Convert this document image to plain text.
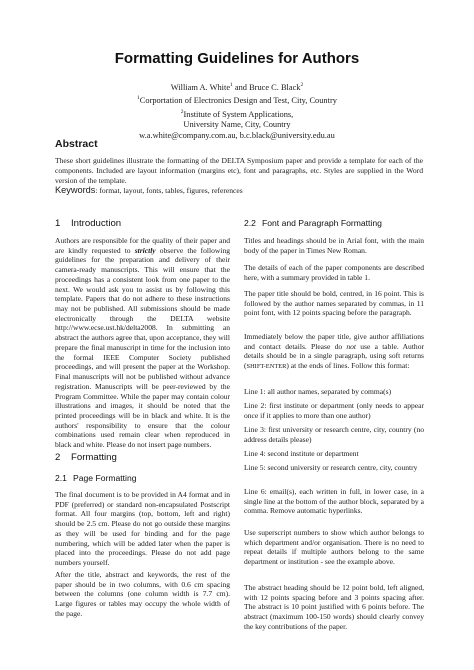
Formatting Guidelines for Authors
William A. White$^1$ and Bruce C. Black$^2$
$^1$Corportation of Electronics Design and Test, City, Country
$^2$Institute of System Applications,
University Name, City, Country
w.a.white@company.com.au, b.c.black@university.edu.au
Abstract
These short guidelines illustrate the formatting of the DELTA Symposium paper and provide a template for each of the components. Included are layout information (margins etc), font and paragraphs, etc. Styles are supplied in the Word version of the template.
Keywords: format, layout, fonts, tables, figures, references
1 Introduction
Authors are responsible for the quality of their paper and are kindly requested to strictly observe the following guidelines for the preparation and delivery of their camera-ready manuscripts. This will ensure that the proceedings has a consistent look from one paper to the next. We would ask you to assist us by following this template. Papers that do not adhere to these instructions may not be published. All submissions should be made electronically through the DELTA website http://www.ecse.ust.hk/delta2008. In submitting an abstract the authors agree that, upon acceptance, they will prepare the final manuscript in time for the inclusion into the formal IEEE Computer Society published proceedings, and will present the paper at the Workshop. Final manuscripts will not be published without advance registration. Manuscripts will be peer-reviewed by the Program Committee. While the paper may contain colour illustrations and images, it should be noted that the printed proceedings will be in black and white. It is the authors' responsibility to ensure that the colour combinations used remain clear when reproduced in black and white. Please do not insert page numbers.
2 Formatting
2.1 Page Formatting
The final document is to be provided in A4 format and in PDF (preferred) or standard non-encapsulated Postscript format. All four margins (top, bottom, left and right) should be 2.5 cm. Please do not go outside these margins as they will be used for binding and for the page numbering, which will be added later when the paper is placed into the proceedings. Please do not add page numbers yourself.
After the title, abstract and keywords, the rest of the paper should be in two columns, with 0.6 cm spacing between the columns (one column width is 7.7 cm). Large figures or tables may occupy the whole width of the page.
2.2 Font and Paragraph Formatting
Titles and headings should be in Arial font, with the main body of the paper in Times New Roman.
The details of each of the paper components are described here, with a summary provided in table 1.
The paper title should be bold, centred, in 16 point. This is followed by the author names separated by commas, in 11 point font, with 12 points spacing before the paragraph.
Immediately below the paper title, give author affiliations and contact details. Please do not use a table. Author details should be in a single paragraph, using soft returns (SHIFT-ENTER) at the ends of lines. Follow this format:
Line 1: all author names, separated by comma(s)
Line 2: first institute or department (only needs to appear once if it applies to more than one author)
Line 3: first university or research centre, city, country (no address details please)
Line 4: second institute or department
Line 5: second university or research centre, city, country
Line 6: email(s), each written in full, in lower case, in a single line at the bottom of the author block, separated by a comma. Remove automatic hyperlinks.
Use superscript numbers to show which author belongs to which department and/or organisation. There is no need to repeat details if multiple authors belong to the same department or institution - see the example above.
The abstract heading should be 12 point bold, left aligned, with 12 points spacing before and 3 points spacing after. The abstract is 10 point justified with 6 points before. The abstract (maximum 100-150 words) should clearly convey the key contributions of the paper.
